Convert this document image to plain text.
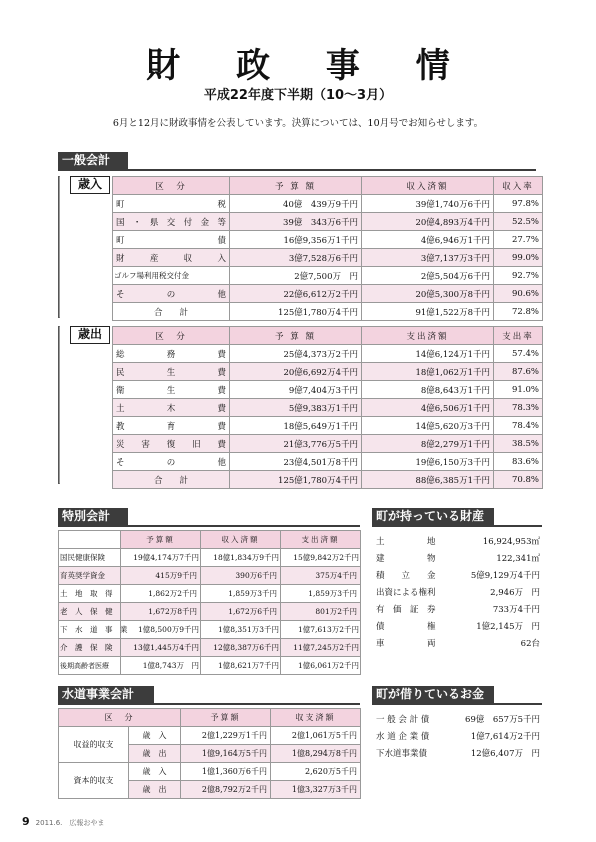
財 政 事 情
平成22年度下半期（10〜3月）
6月と12月に財政事情を公表しています。決算については、10月号でお知らせします。
一般会計
歳入	区　分	予 算 額	収入済額	収入率
町　　　　　　税	40億　439万9千円	39億1,740万6千円	97.8%
国・県交付金等	39億　343万6千円	20億4,893万4千円	52.5%
町　　　　　　債	16億9,356万1千円	4億6,946万1千円	27.7%
財　産　収　入	3億7,528万6千円	3億7,137万3千円	99.0%
ゴルフ場利用税交付金	2億7,500万　円	2億5,504万6千円	92.7%
そ　　の　　他	22億6,612万2千円	20億5,300万8千円	90.6%
合　　計	125億1,780万4千円	91億1,522万8千円	72.8%
歳出	区　分	予 算 額	支出済額	支出率
総　　務　　費	25億4,373万2千円	14億6,124万1千円	57.4%
民　　生　　費	20億6,692万4千円	18億1,062万1千円	87.6%
衛　　生　　費	9億7,404万3千円	8億8,643万1千円	91.0%
土　　木　　費	5億9,383万1千円	4億6,506万1千円	78.3%
教　　育　　費	18億5,649万1千円	14億5,620万3千円	78.4%
災　害　復　旧　費	21億3,776万5千円	8億2,279万1千円	38.5%
そ　　の　　他	23億4,501万8千円	19億6,150万3千円	83.6%
合　　計	125億1,780万4千円	88億6,385万1千円	70.8%
特別会計
	予算額	収入済額	支出済額
国民健康保険	19億4,174万7千円	18億1,834万9千円	15億9,842万2千円
育英奨学資金	415万9千円	390万6千円	375万4千円
土　地　取　得	1,862万2千円	1,859万3千円	1,859万3千円
老　人　保　健	1,672万8千円	1,672万6千円	801万2千円
下　水　道　事　業	1億8,500万9千円	1億8,351万3千円	1億7,613万2千円
介　護　保　険	13億1,445万4千円	12億8,387万6千円	11億7,245万2千円
後期高齢者医療	1億8,743万　円	1億8,621万7千円	1億6,061万2千円
町が持っている財産
土　　　　　地	16,924,953㎡
建　　　　　物	122,341㎡
積　　立　　金	5億9,129万4千円
出資による権利	2,946万　円
有　価　証　券	733万4千円
債　　　　　権	1億2,145万　円
車　　　　　両	62台
水道事業会計
区　分		予算額	収支済額
収益的収支	歳　入	2億1,229万1千円	2億1,061万5千円
	歳　出	1億9,164万5千円	1億8,294万8千円
資本的収支	歳　入	1億1,360万6千円	2,620万5千円
	歳　出	2億8,792万2千円	1億3,327万3千円
町が借りているお金
一 般 会 計 債	69億　657万5千円
水 道 企 業 債	1億7,614万2千円
下水道事業債	12億6,407万　円
9 2011.6.　広報おやま
